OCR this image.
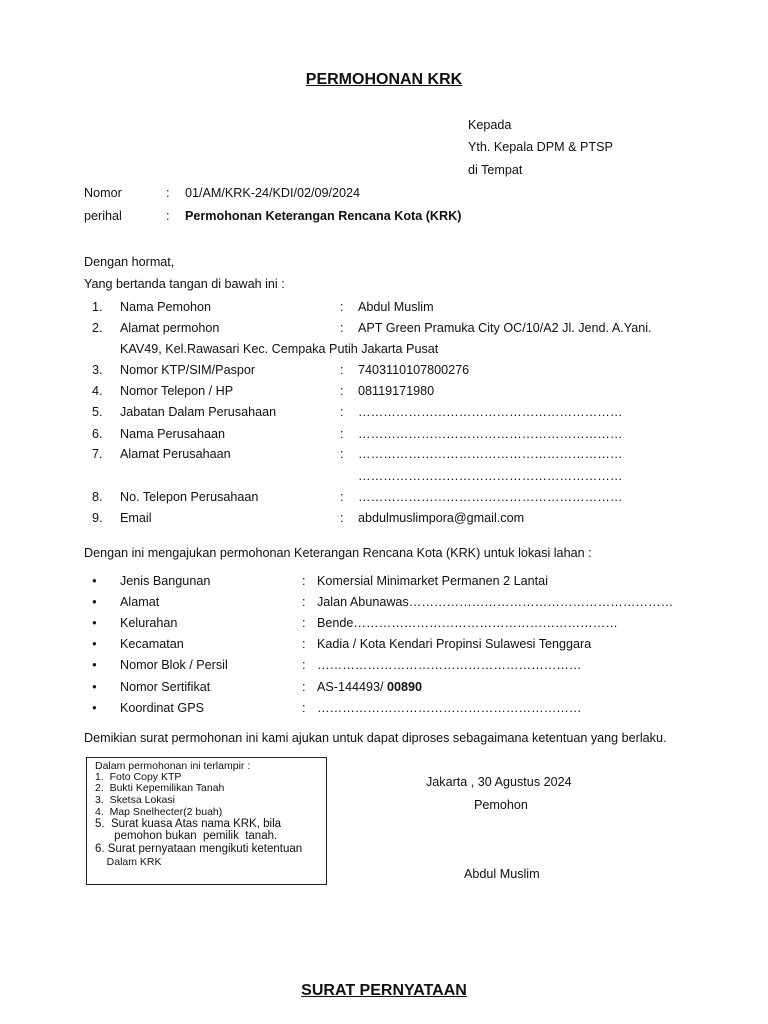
PERMOHONAN KRK
Kepada
Yth. Kepala DPM & PTSP
di Tempat
Nomor	: 01/AM/KRK-24/KDI/02/09/2024
perihal	: Permohonan Keterangan Rencana Kota (KRK)
Dengan hormat,
Yang bertanda tangan di bawah ini :
1. Nama Pemohon	: Abdul Muslim
2. Alamat permohon	: APT Green Pramuka City OC/10/A2 Jl. Jend. A.Yani.
KAV49, Kel.Rawasari Kec. Cempaka Putih Jakarta Pusat
3. Nomor KTP/SIM/Paspor	: 7403110107800276
4. Nomor Telepon / HP	: 08119171980
5. Jabatan Dalam Perusahaan	: ………………………………………………………
6. Nama Perusahaan	: ………………………………………………………
7. Alamat Perusahaan	: ………………………………………………………
………………………………………………………
8. No. Telepon Perusahaan	: ………………………………………………………
9. Email	: abdulmuslimpora@gmail.com
Dengan ini mengajukan permohonan Keterangan Rencana Kota (KRK) untuk lokasi lahan :
● Jenis Bangunan	: Komersial Minimarket Permanen 2 Lantai
● Alamat	: Jalan Abunawas………………………………………………………
● Kelurahan	: Bende………………………………………………………
● Kecamatan	: Kadia / Kota Kendari Propinsi Sulawesi Tenggara
● Nomor Blok / Persil	: ………………………………………………………
● Nomor Sertifikat	: AS-144493/ 00890
● Koordinat GPS	: ………………………………………………………
Demikian surat permohonan ini kami ajukan untuk dapat diproses sebagaimana ketentuan yang berlaku.
Dalam permohonan ini terlampir :
1.  Foto Copy KTP
2.  Bukti Kepemilikan Tanah
3.  Sketsa Lokasi
4.  Map Snelhecter(2 buah)
5.  Surat kuasa Atas nama KRK, bila
pemohon bukan  pemilik  tanah.
6. Surat pernyataan mengikuti ketentuan
Dalam KRK
Jakarta , 30 Agustus 2024
Pemohon
Abdul Muslim
SURAT PERNYATAAN
